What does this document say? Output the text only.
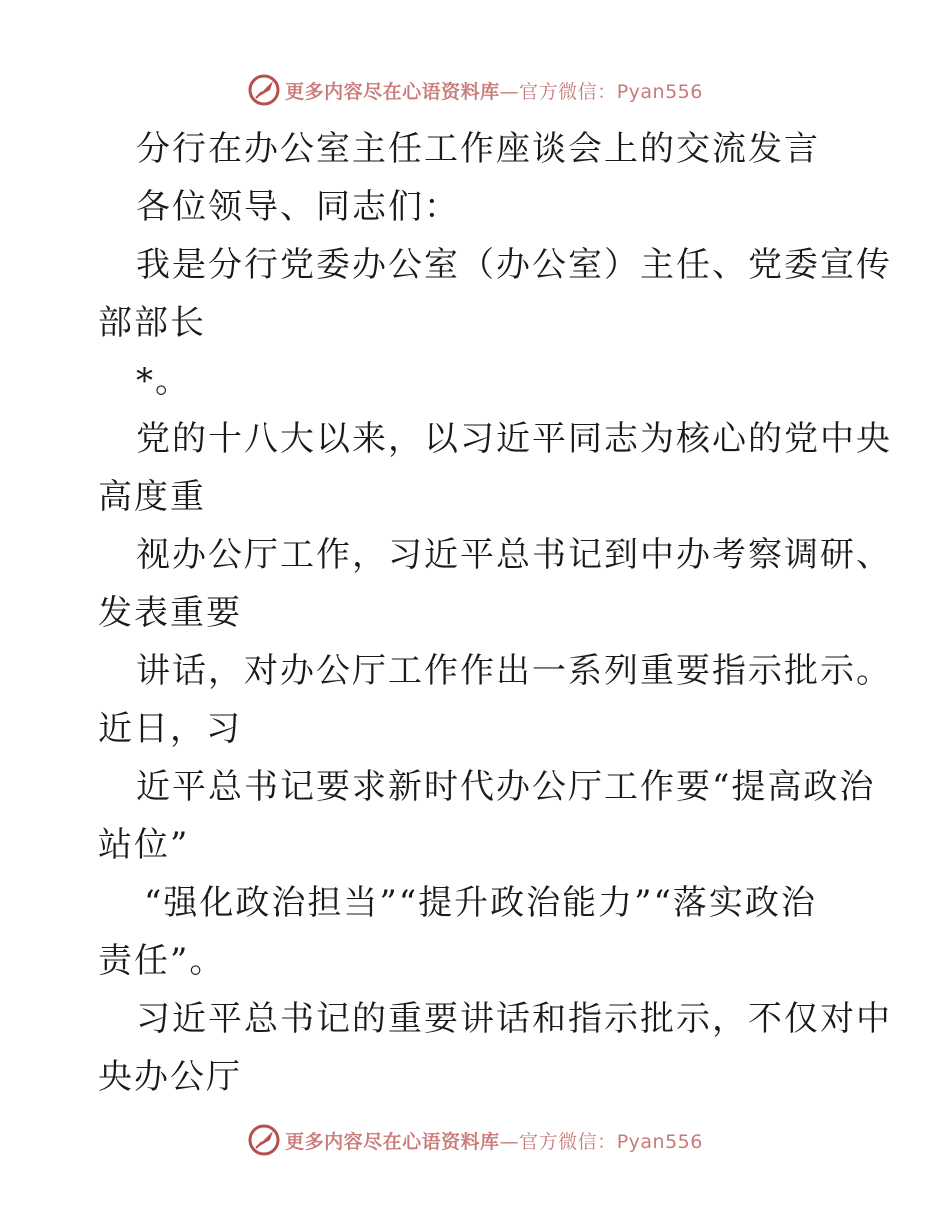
更多内容尽在心语资料库—官方微信：Pyan556
分行在办公室主任工作座谈会上的交流发言
各位领导、同志们：
我是分行党委办公室（办公室）主任、党委宣传
部部长
*。
党的十八大以来，以习近平同志为核心的党中央
高度重
视办公厅工作，习近平总书记到中办考察调研、
发表重要
讲话，对办公厅工作作出一系列重要指示批示。
近日，习
近平总书记要求新时代办公厅工作要“提高政治
站位”
“强化政治担当”“提升政治能力”“落实政治
责任”。
习近平总书记的重要讲话和指示批示，不仅对中
央办公厅
更多内容尽在心语资料库—官方微信：Pyan556
